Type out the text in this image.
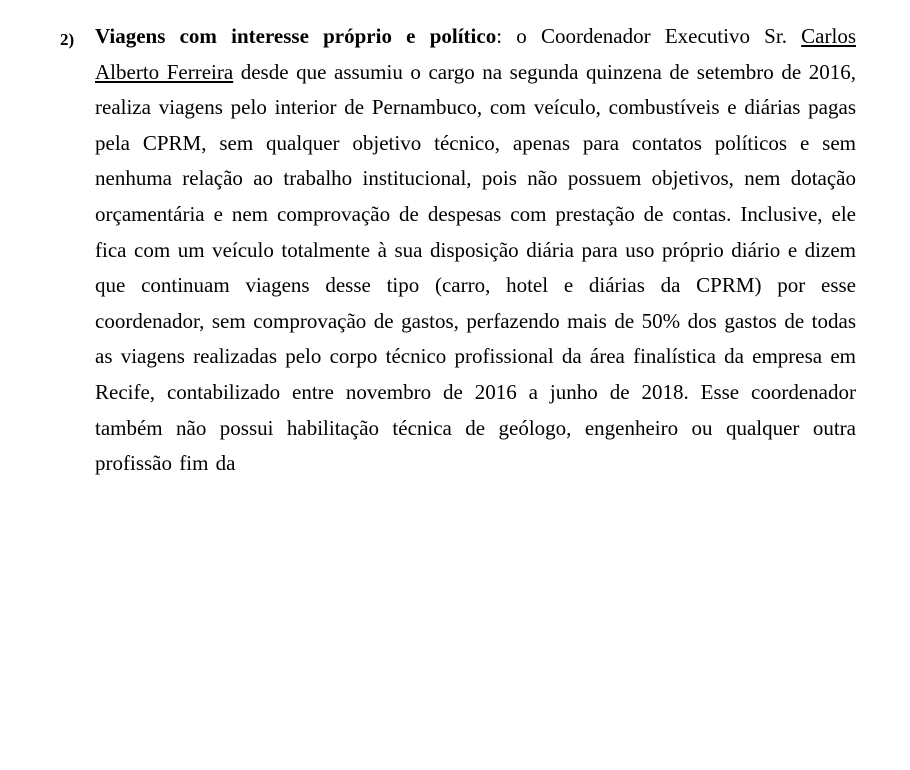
2) Viagens com interesse próprio e político: o Coordenador Executivo Sr. Carlos Alberto Ferreira desde que assumiu o cargo na segunda quinzena de setembro de 2016, realiza viagens pelo interior de Pernambuco, com veículo, combustíveis e diárias pagas pela CPRM, sem qualquer objetivo técnico, apenas para contatos políticos e sem nenhuma relação ao trabalho institucional, pois não possuem objetivos, nem dotação orçamentária e nem comprovação de despesas com prestação de contas. Inclusive, ele fica com um veículo totalmente à sua disposição diária para uso próprio diário e dizem que continuam viagens desse tipo (carro, hotel e diárias da CPRM) por esse coordenador, sem comprovação de gastos, perfazendo mais de 50% dos gastos de todas as viagens realizadas pelo corpo técnico profissional da área finalística da empresa em Recife, contabilizado entre novembro de 2016 a junho de 2018. Esse coordenador também não possui habilitação técnica de geólogo, engenheiro ou qualquer outra profissão fim da
